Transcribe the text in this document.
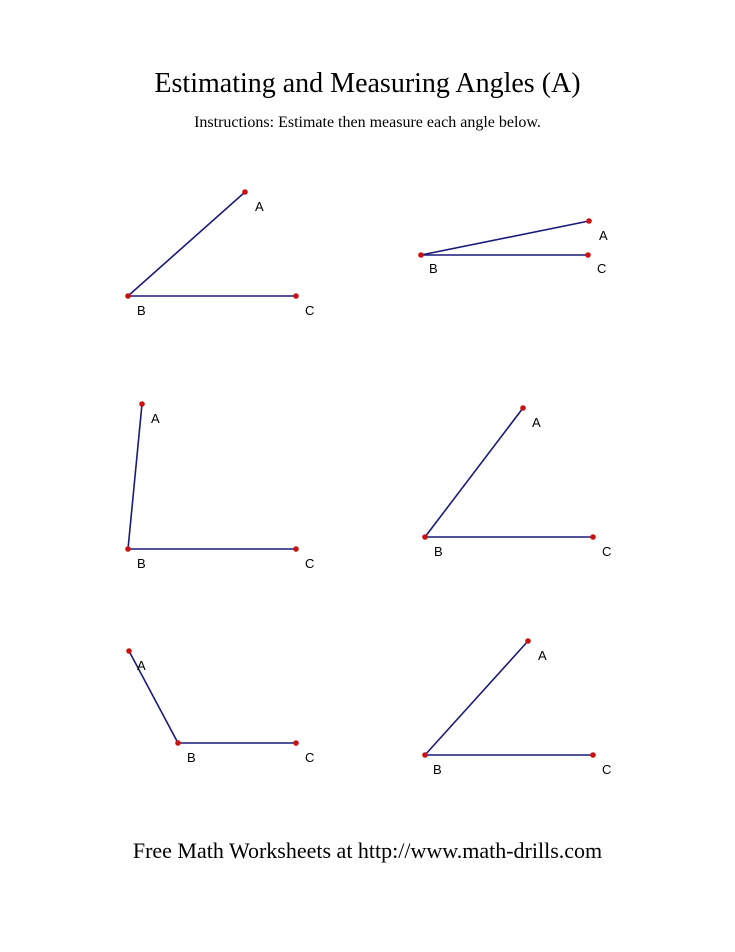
Estimating and Measuring Angles (A)
Instructions: Estimate then measure each angle below.
A
B	C
A
B	C
A
B	C
A
B	C
A
B	C
A
B	C
Free Math Worksheets at http://www.math-drills.com
